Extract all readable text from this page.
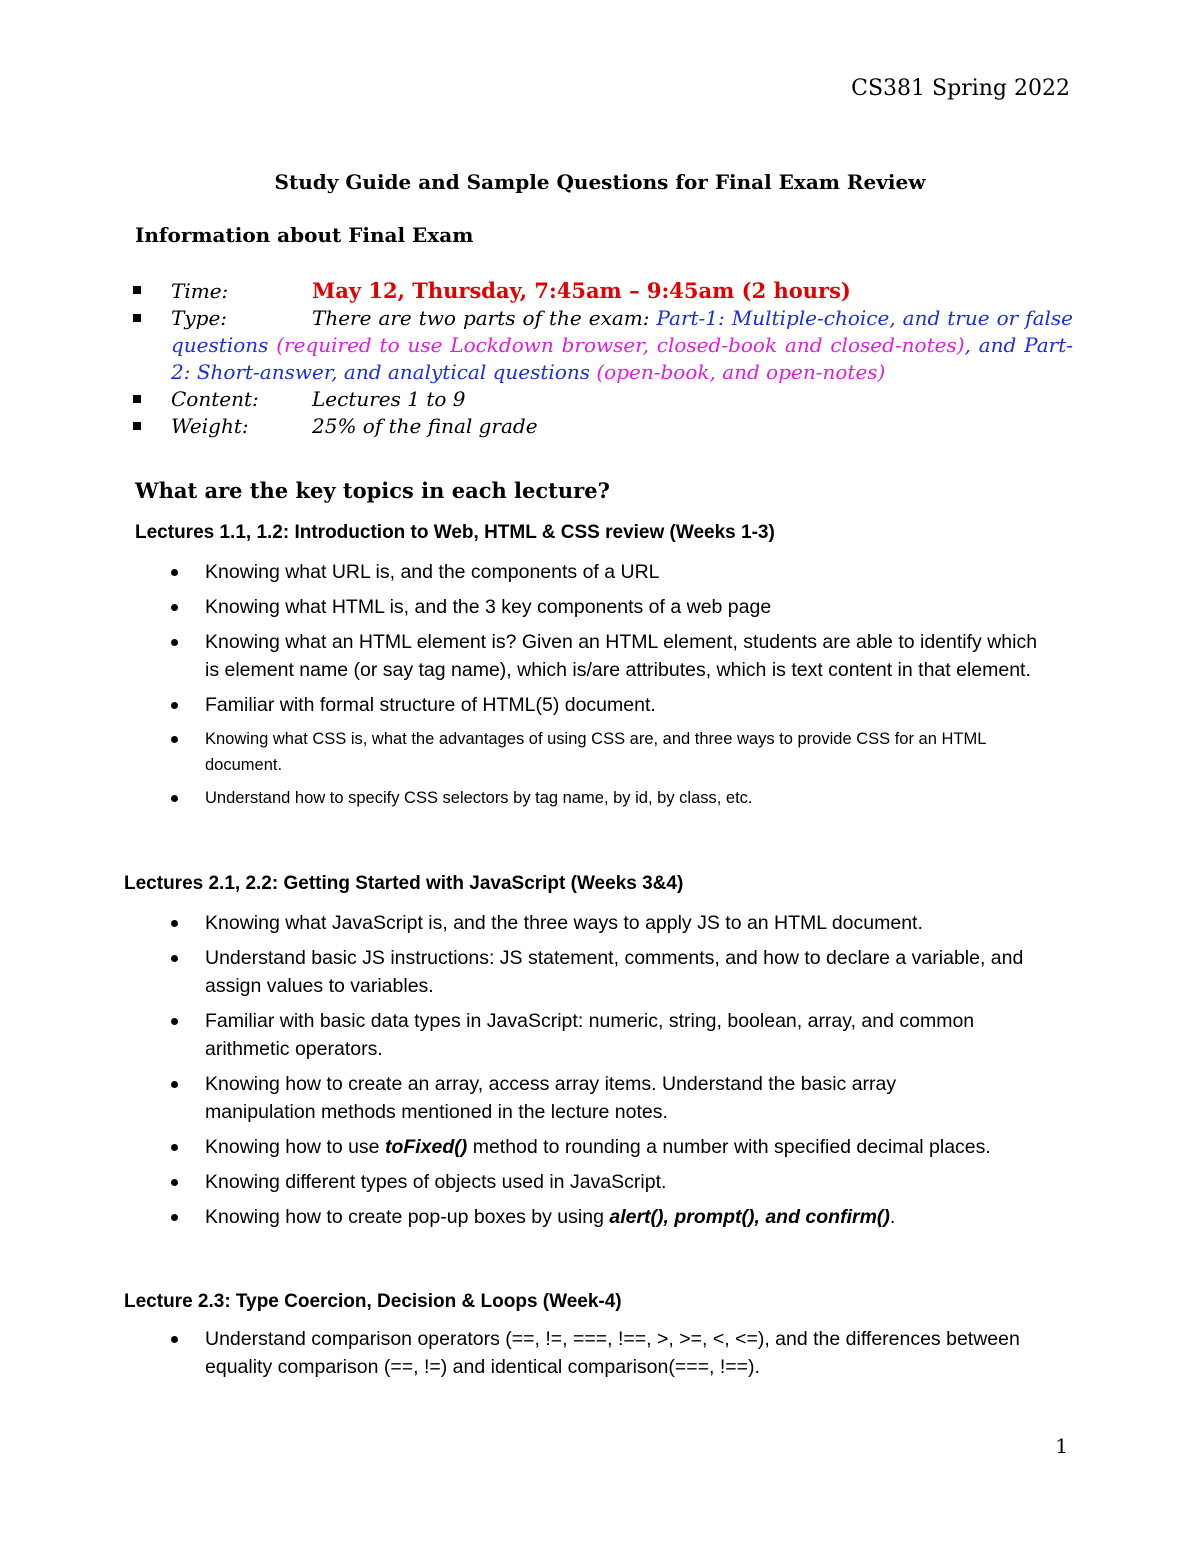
CS381 Spring 2022
Study Guide and Sample Questions for Final Exam Review
Information about Final Exam
Time:	May 12, Thursday, 7:45am – 9:45am (2 hours)
Type:	There are two parts of the exam: Part-1: Multiple-choice, and true or false questions (required to use Lockdown browser, closed-book and closed-notes), and Part-2: Short-answer, and analytical questions (open-book, and open-notes)
Content:	Lectures 1 to 9
Weight:	25% of the final grade
What are the key topics in each lecture?
Lectures 1.1, 1.2: Introduction to Web, HTML & CSS review (Weeks 1-3)
Knowing what URL is, and the components of a URL
Knowing what HTML is, and the 3 key components of a web page
Knowing what an HTML element is? Given an HTML element, students are able to identify which is element name (or say tag name), which is/are attributes, which is text content in that element.
Familiar with formal structure of HTML(5) document.
Knowing what CSS is, what the advantages of using CSS are, and three ways to provide CSS for an HTML document.
Understand how to specify CSS selectors by tag name, by id, by class, etc.
Lectures 2.1, 2.2: Getting Started with JavaScript (Weeks 3&4)
Knowing what JavaScript is, and the three ways to apply JS to an HTML document.
Understand basic JS instructions: JS statement, comments, and how to declare a variable, and assign values to variables.
Familiar with basic data types in JavaScript: numeric, string, boolean, array, and common arithmetic operators.
Knowing how to create an array, access array items. Understand the basic array manipulation methods mentioned in the lecture notes.
Knowing how to use toFixed() method to rounding a number with specified decimal places.
Knowing different types of objects used in JavaScript.
Knowing how to create pop-up boxes by using alert(), prompt(), and confirm().
Lecture 2.3: Type Coercion, Decision & Loops (Week-4)
Understand comparison operators (==, !=, ===, !==, >, >=, <, <=), and the differences between equality comparison (==, !=) and identical comparison(===, !==).
1
